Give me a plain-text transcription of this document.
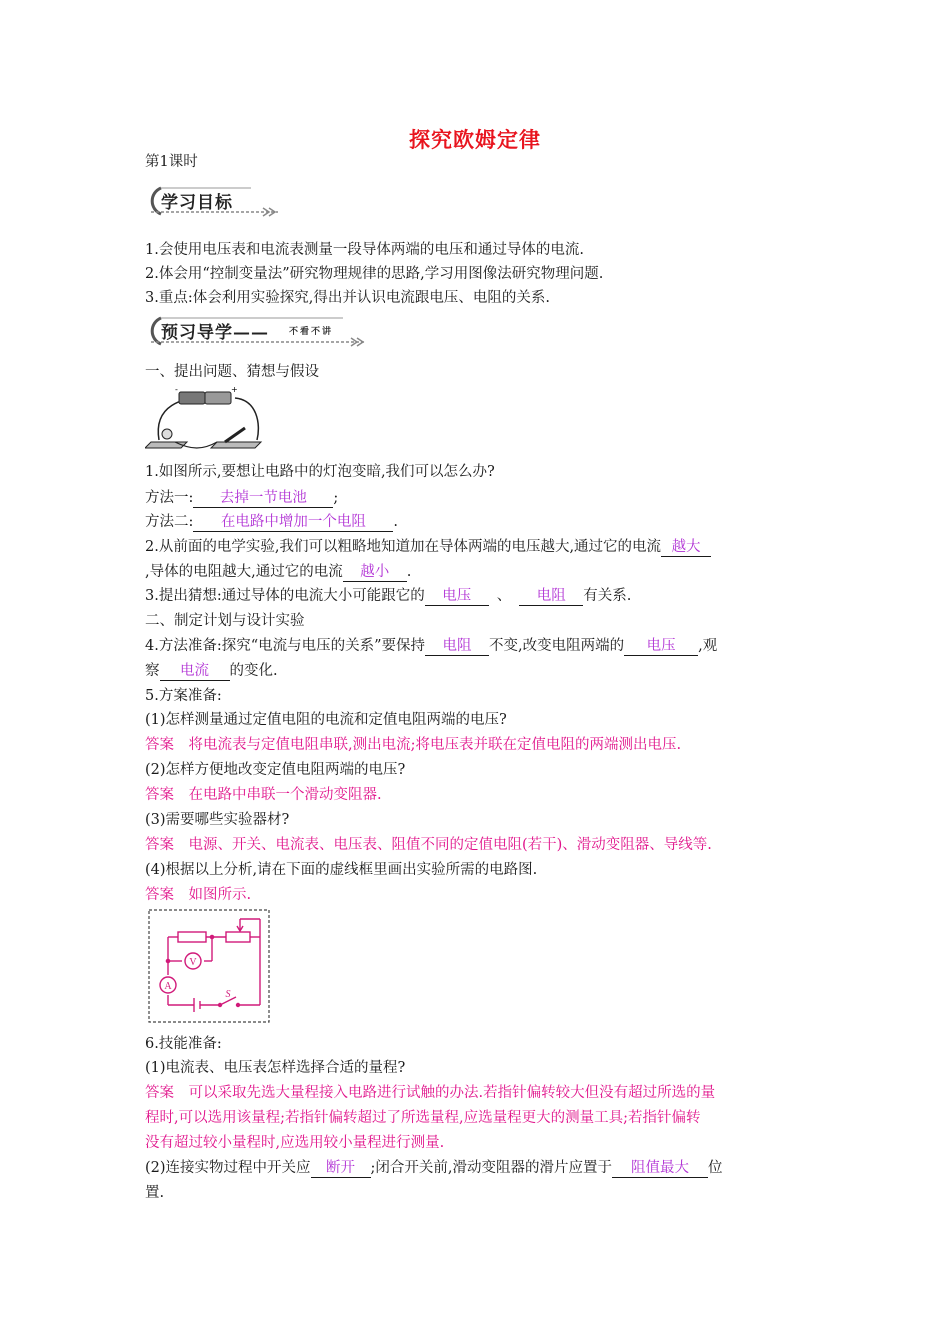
探究欧姆定律
第1课时
学习目标
1.会使用电压表和电流表测量一段导体两端的电压和通过导体的电流.
2.体会用“控制变量法”研究物理规律的思路,学习用图像法研究物理问题.
3.重点:体会利用实验探究,得出并认识电流跟电压、电阻的关系.
预习导学—— 不看不讲
一、提出问题、猜想与假设
-	+
1.如图所示,要想让电路中的灯泡变暗,我们可以怎么办?
方法一: 去掉一节电池 ;
方法二: 在电路中增加一个电阻 .
2.从前面的电学实验,我们可以粗略地知道加在导体两端的电压越大,通过它的电流 越大
,导体的电阻越大,通过它的电流 越小 .
3.提出猜想:通过导体的电流大小可能跟它的 电压 、 电阻 有关系.
二、制定计划与设计实验
4.方法准备:探究“电流与电压的关系”要保持 电阻 不变,改变电阻两端的 电压 ,观
察 电流 的变化.
5.方案准备:
(1)怎样测量通过定值电阻的电流和定值电阻两端的电压?
答案　将电流表与定值电阻串联,测出电流;将电压表并联在定值电阻的两端测出电压.
(2)怎样方便地改变定值电阻两端的电压?
答案　在电路中串联一个滑动变阻器.
(3)需要哪些实验器材?
答案　电源、开关、电流表、电压表、阻值不同的定值电阻(若干)、滑动变阻器、导线等.
(4)根据以上分析,请在下面的虚线框里画出实验所需的电路图.
答案　如图所示.
V
A
S
6.技能准备:
(1)电流表、电压表怎样选择合适的量程?
答案　可以采取先选大量程接入电路进行试触的办法.若指针偏转较大但没有超过所选的量
程时,可以选用该量程;若指针偏转超过了所选量程,应选量程更大的测量工具;若指针偏转
没有超过较小量程时,应选用较小量程进行测量.
(2)连接实物过程中开关应 断开 ;闭合开关前,滑动变阻器的滑片应置于 阻值最大 位
置.
